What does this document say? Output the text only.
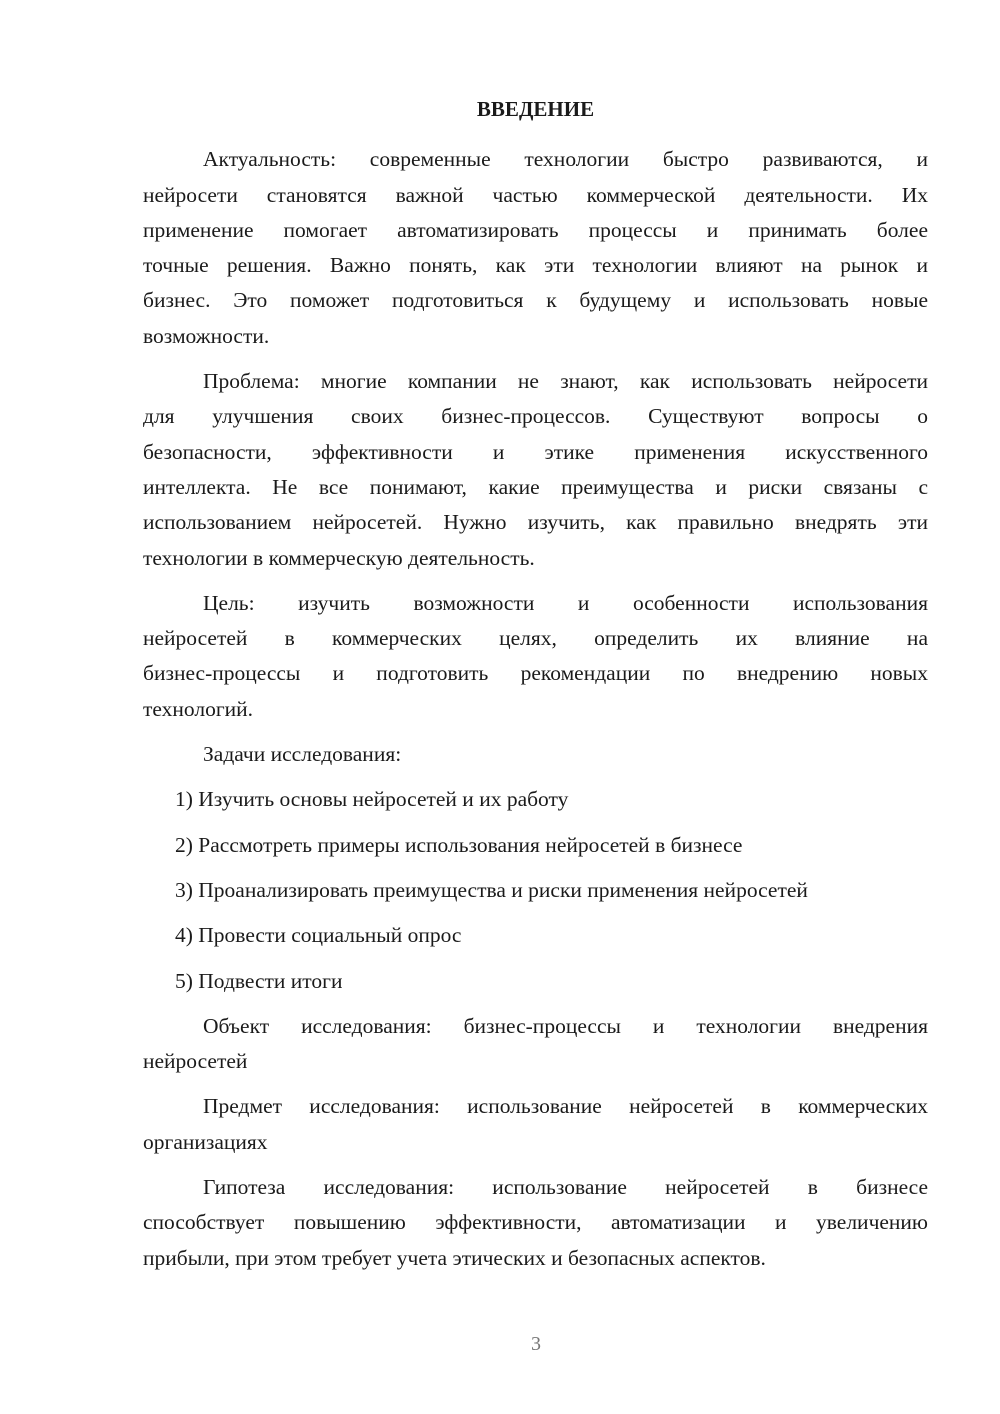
ВВЕДЕНИЕ
Актуальность: современные технологии быстро развиваются, и
нейросети становятся важной частью коммерческой деятельности. Их
применение помогает автоматизировать процессы и принимать более
точные решения. Важно понять, как эти технологии влияют на рынок и
бизнес. Это поможет подготовиться к будущему и использовать новые
возможности.
Проблема: многие компании не знают, как использовать нейросети
для улучшения своих бизнес-процессов. Существуют вопросы о
безопасности, эффективности и этике применения искусственного
интеллекта. Не все понимают, какие преимущества и риски связаны с
использованием нейросетей. Нужно изучить, как правильно внедрять эти
технологии в коммерческую деятельность.
Цель: изучить возможности и особенности использования
нейросетей в коммерческих целях, определить их влияние на
бизнес-процессы и подготовить рекомендации по внедрению новых
технологий.
Задачи исследования:
1) Изучить основы нейросетей и их работу
2) Рассмотреть примеры использования нейросетей в бизнесе
3) Проанализировать преимущества и риски применения нейросетей
4) Провести социальный опрос
5) Подвести итоги
Объект исследования: бизнес-процессы и технологии внедрения
нейросетей
Предмет исследования: использование нейросетей в коммерческих
организациях
Гипотеза исследования: использование нейросетей в бизнесе
способствует повышению эффективности, автоматизации и увеличению
прибыли, при этом требует учета этических и безопасных аспектов.
3
